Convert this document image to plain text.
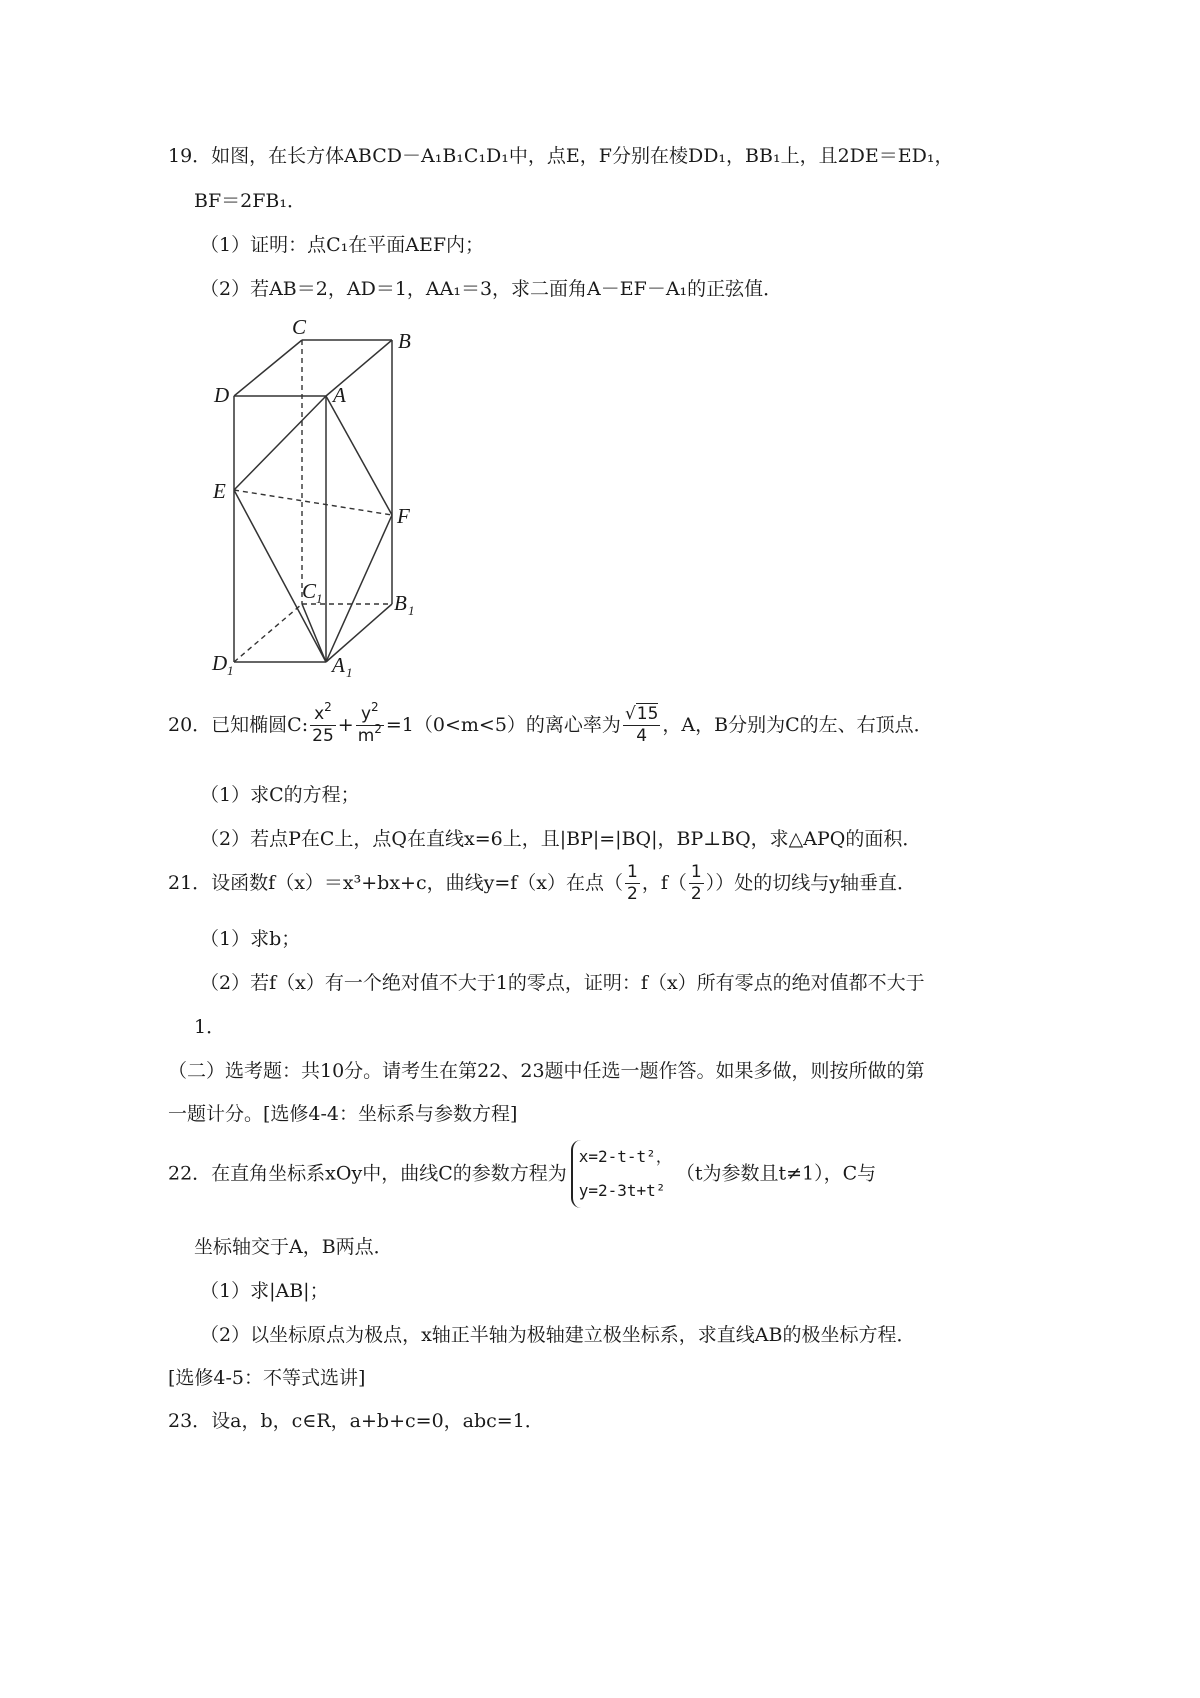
19．如图，在长方体ABCD－A₁B₁C₁D₁中，点E，F分别在棱DD₁，BB₁上，且2DE＝ED₁，
BF＝2FB₁．
（1）证明：点C₁在平面AEF内；
（2）若AB＝2，AD＝1，AA₁＝3，求二面角A－EF－A₁的正弦值．
C
B
D	A
E
F
C 1	B 1
D 1	A 1
20．已知椭圆C: $\frac{x^2}{25} + \frac{y^2}{m^2} =1(0<m<5)$的离心率为 $\frac{√15}{4}$ ，A，B分别为C的左、右顶点．
（1）求C的方程；
（2）若点P在C上，点Q在直线x=6上，且|BP|=|BQ|，BP⊥BQ，求△APQ的面积．
21．设函数f（x）＝x³+bx+c，曲线y=f（x）在点（ $\frac{1}{2}$ ，$f( \frac{1}{2}$ ））处的切线与y轴垂直．
（1）求b；
（2）若f（x）有一个绝对值不大于1的零点，证明：f（x）所有零点的绝对值都不大于
1．
（二）选考题：共10分。请考生在第22、23题中任选一题作答。如果多做，则按所做的第
一题计分。[选修4-4：坐标系与参数方程]
22．在直角坐标系xOy中，曲线C的参数方程为
x=2-t-t²，
y=2-3t+t²
（t为参数且t≠1），C与
坐标轴交于A，B两点．
（1）求|AB|；
（2）以坐标原点为极点，x轴正半轴为极轴建立极坐标系，求直线AB的极坐标方程．
[选修4-5：不等式选讲]
23．设a，b，c∈R，a+b+c=0，abc=1．
